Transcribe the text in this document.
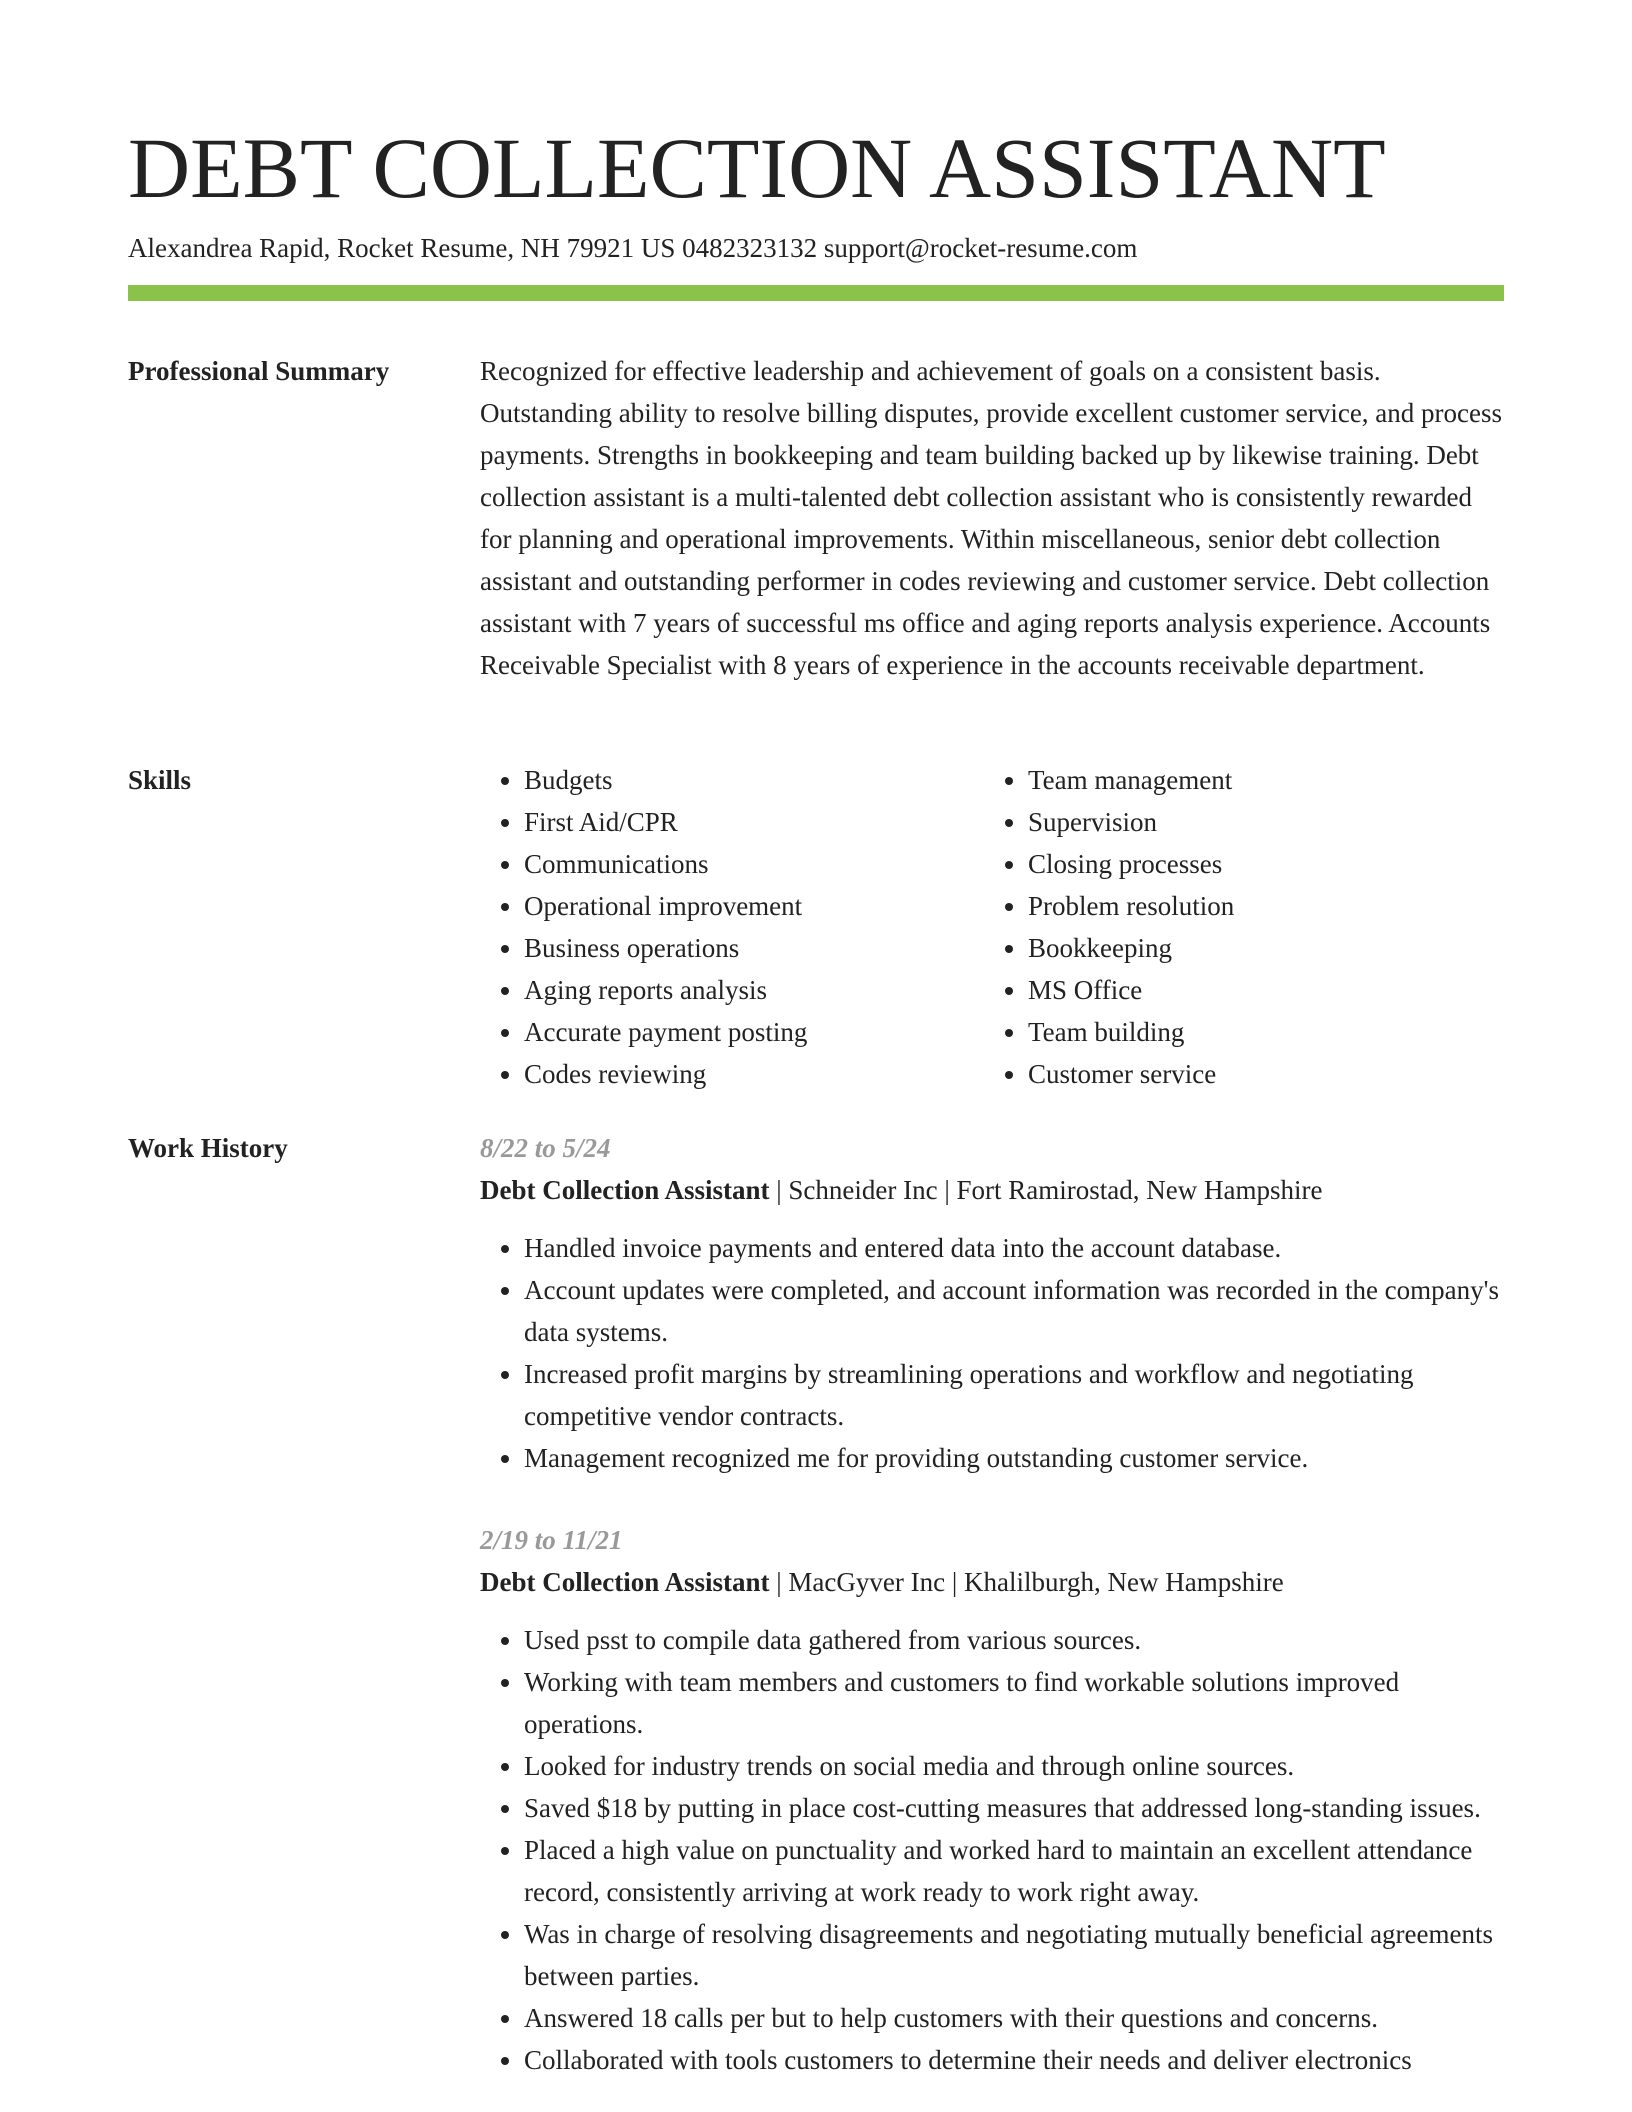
DEBT COLLECTION ASSISTANT
Alexandrea Rapid, Rocket Resume, NH 79921 US 0482323132 support@rocket-resume.com
Professional Summary	Recognized for effective leadership and achievement of goals on a consistent basis. Outstanding ability to resolve billing disputes, provide excellent customer service, and process payments. Strengths in bookkeeping and team building backed up by likewise training. Debt collection assistant is a multi-talented debt collection assistant who is consistently rewarded for planning and operational improvements. Within miscellaneous, senior debt collection assistant and outstanding performer in codes reviewing and customer service. Debt collection assistant with 7 years of successful ms office and aging reports analysis experience. Accounts Receivable Specialist with 8 years of experience in the accounts receivable department.

Skills
•	Budgets
• First Aid/CPR
• Communications
• Operational improvement
• Business operations
• Aging reports analysis
• Accurate payment posting
• Codes reviewing
• Team management
• Supervision
• Closing processes
• Problem resolution
• Bookkeeping
• MS Office
• Team building
• Customer service
Work History	8/22 to 5/24
Debt Collection Assistant | Schneider Inc | Fort Ramirostad, New Hampshire
• Handled invoice payments and entered data into the account database.
• Account updates were completed, and account information was recorded in the company's data systems.
• Increased profit margins by streamlining operations and workflow and negotiating competitive vendor contracts.
• Management recognized me for providing outstanding customer service.
2/19 to 11/21
Debt Collection Assistant | MacGyver Inc | Khalilburgh, New Hampshire
• Used psst to compile data gathered from various sources.
• Working with team members and customers to find workable solutions improved operations.
• Looked for industry trends on social media and through online sources.
• Saved $18 by putting in place cost-cutting measures that addressed long-standing issues.
• Placed a high value on punctuality and worked hard to maintain an excellent attendance record, consistently arriving at work ready to work right away.
• Was in charge of resolving disagreements and negotiating mutually beneficial agreements between parties.
• Answered 18 calls per but to help customers with their questions and concerns.
• Collaborated with tools customers to determine their needs and deliver electronics
